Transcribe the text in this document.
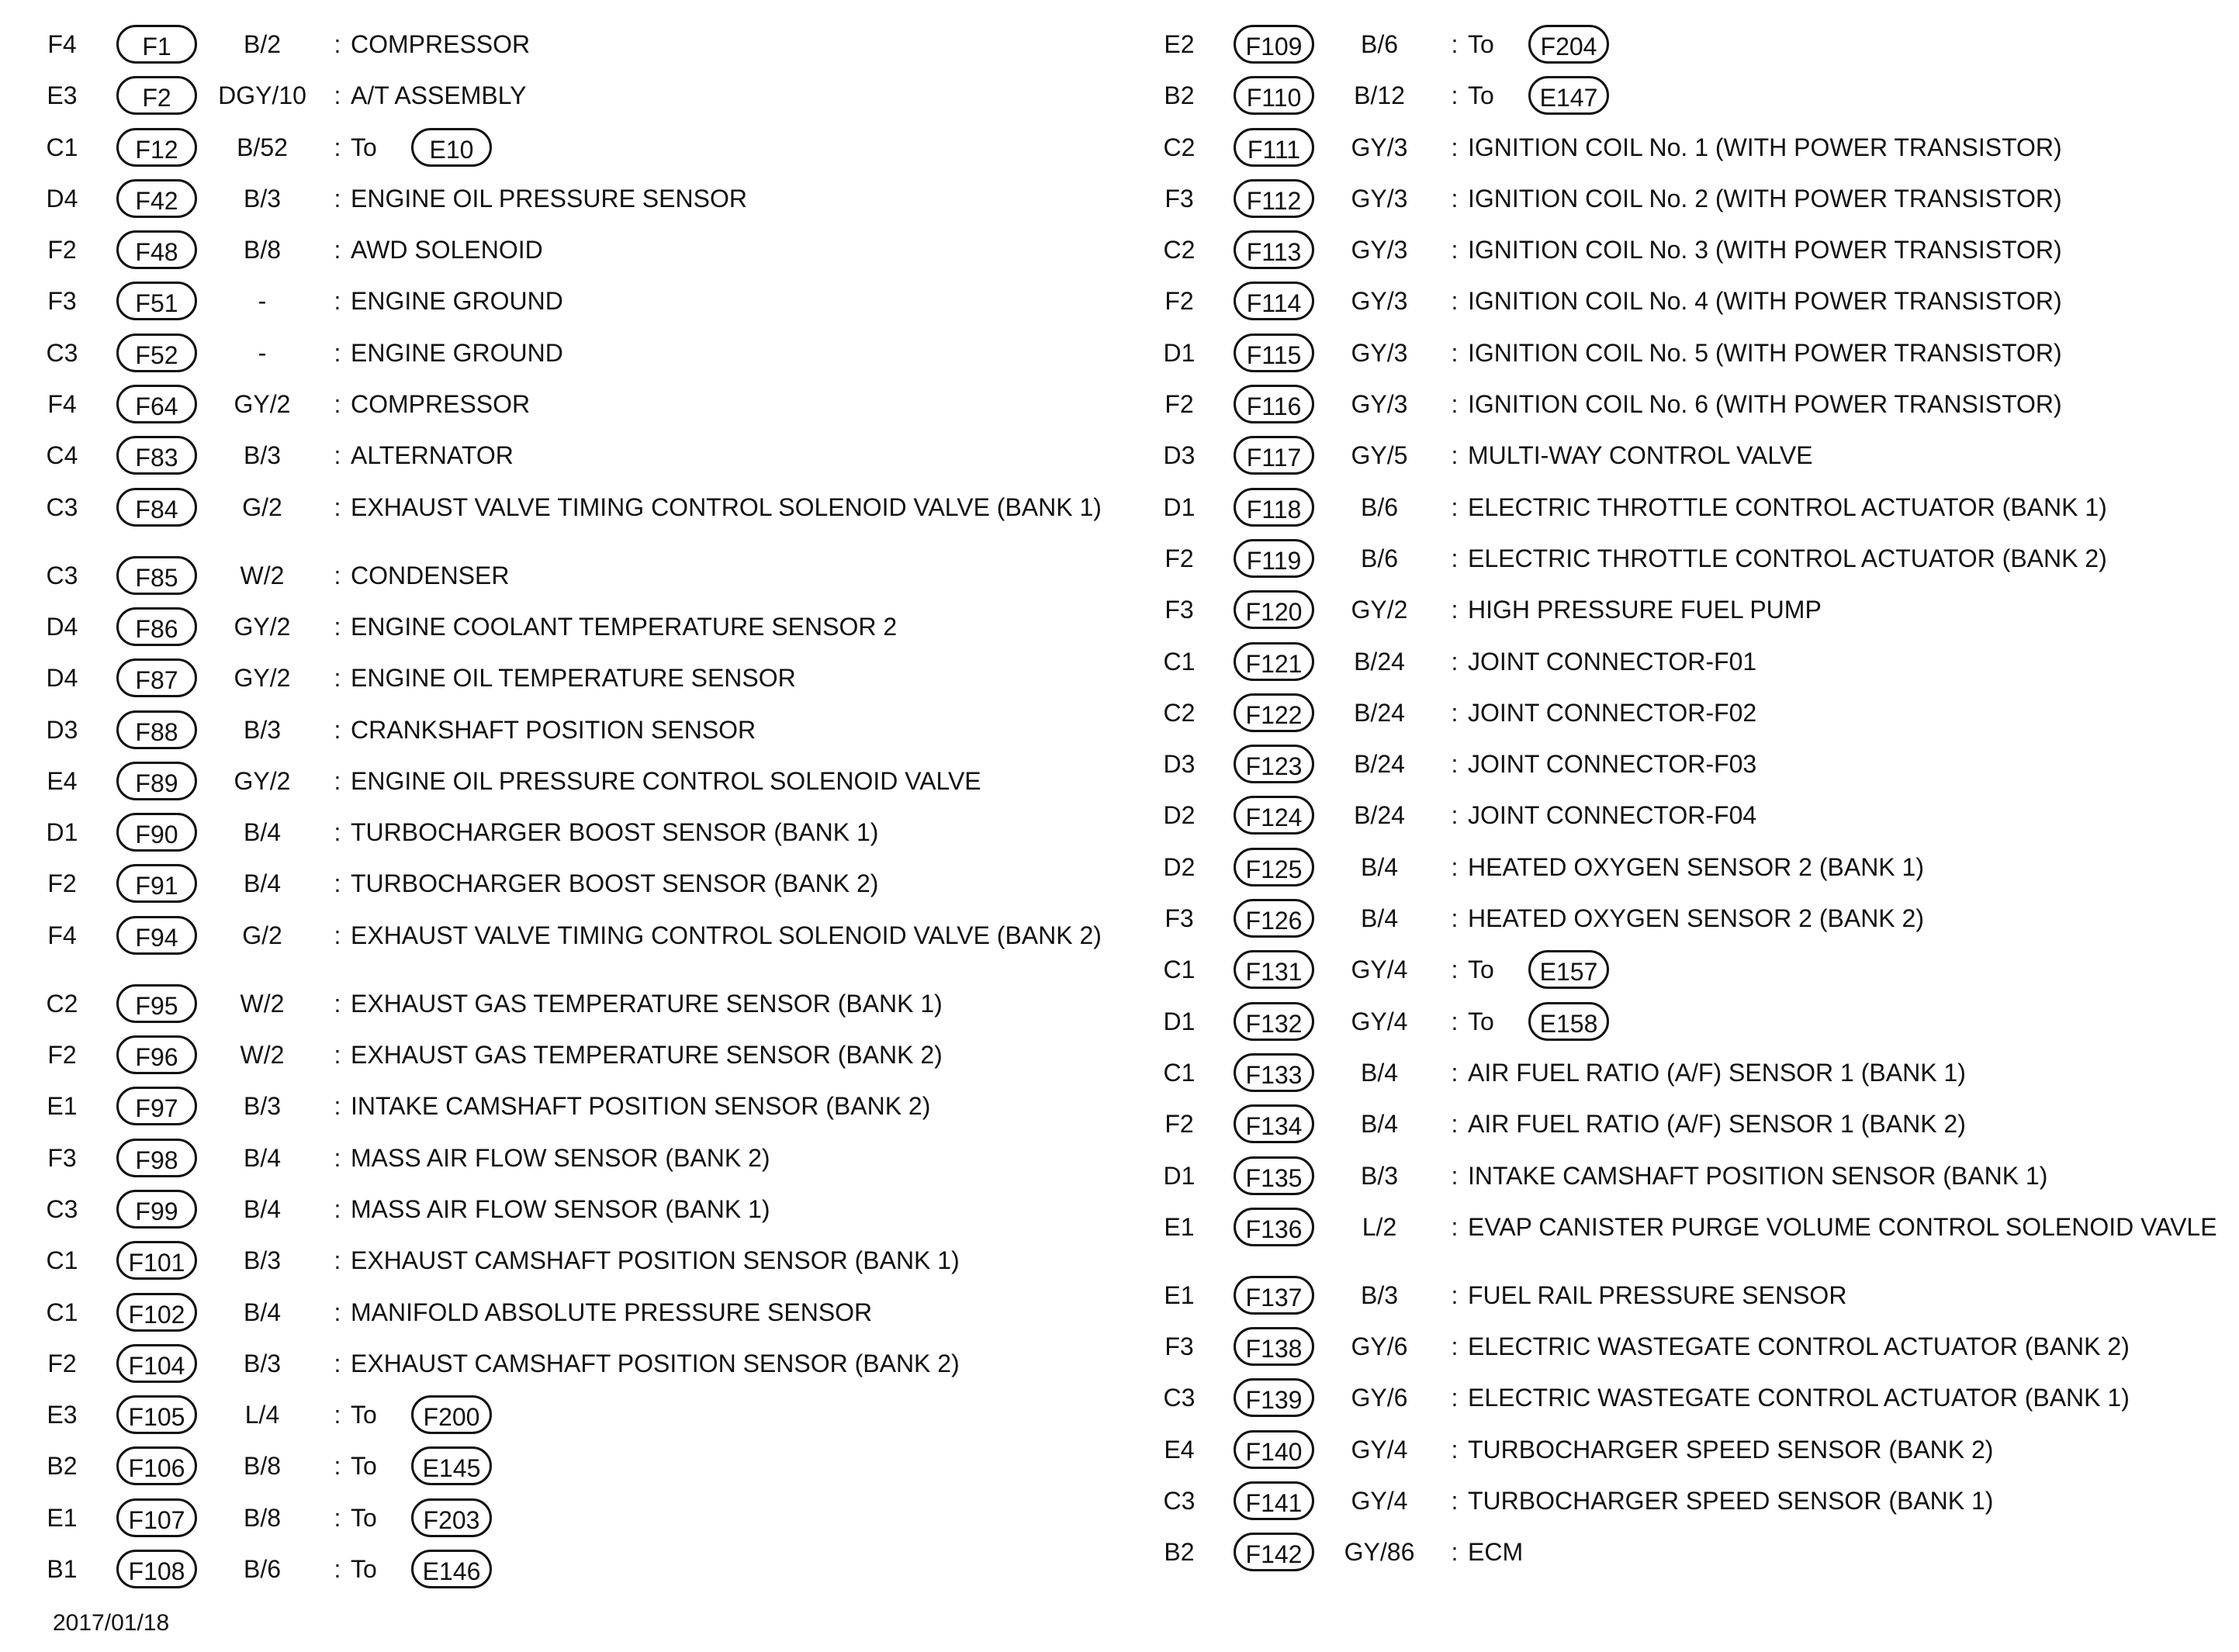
F4	F1	B/2	: COMPRESSOR
E3	F2	DGY/10	: A/T ASSEMBLY
C1	F12	B/52	: To E10
D4	F42	B/3	: ENGINE OIL PRESSURE SENSOR
F2	F48	B/8	: AWD SOLENOID
F3	F51	-	: ENGINE GROUND
C3	F52	-	: ENGINE GROUND
F4	F64	GY/2	: COMPRESSOR
C4	F83	B/3	: ALTERNATOR
C3	F84	G/2	: EXHAUST VALVE TIMING CONTROL SOLENOID VALVE (BANK 1)
C3	F85	W/2	: CONDENSER
D4	F86	GY/2	: ENGINE COOLANT TEMPERATURE SENSOR 2
D4	F87	GY/2	: ENGINE OIL TEMPERATURE SENSOR
D3	F88	B/3	: CRANKSHAFT POSITION SENSOR
E4	F89	GY/2	: ENGINE OIL PRESSURE CONTROL SOLENOID VALVE
D1	F90	B/4	: TURBOCHARGER BOOST SENSOR (BANK 1)
F2	F91	B/4	: TURBOCHARGER BOOST SENSOR (BANK 2)
F4	F94	G/2	: EXHAUST VALVE TIMING CONTROL SOLENOID VALVE (BANK 2)
C2	F95	W/2	: EXHAUST GAS TEMPERATURE SENSOR (BANK 1)
F2	F96	W/2	: EXHAUST GAS TEMPERATURE SENSOR (BANK 2)
E1	F97	B/3	: INTAKE CAMSHAFT POSITION SENSOR (BANK 2)
F3	F98	B/4	: MASS AIR FLOW SENSOR (BANK 2)
C3	F99	B/4	: MASS AIR FLOW SENSOR (BANK 1)
C1	F101	B/3	: EXHAUST CAMSHAFT POSITION SENSOR (BANK 1)
C1	F102	B/4	: MANIFOLD ABSOLUTE PRESSURE SENSOR
F2	F104	B/3	: EXHAUST CAMSHAFT POSITION SENSOR (BANK 2)
E3	F105	L/4	: To F200
B2	F106	B/8	: To E145
E1	F107	B/8	: To F203
B1	F108	B/6	: To E146
E2	F109	B/6	: To F204
B2	F110	B/12	: To E147
C2	F111	GY/3	: IGNITION COIL No. 1 (WITH POWER TRANSISTOR)
F3	F112	GY/3	: IGNITION COIL No. 2 (WITH POWER TRANSISTOR)
C2	F113	GY/3	: IGNITION COIL No. 3 (WITH POWER TRANSISTOR)
F2	F114	GY/3	: IGNITION COIL No. 4 (WITH POWER TRANSISTOR)
D1	F115	GY/3	: IGNITION COIL No. 5 (WITH POWER TRANSISTOR)
F2	F116	GY/3	: IGNITION COIL No. 6 (WITH POWER TRANSISTOR)
D3	F117	GY/5	: MULTI-WAY CONTROL VALVE
D1	F118	B/6	: ELECTRIC THROTTLE CONTROL ACTUATOR (BANK 1)
F2	F119	B/6	: ELECTRIC THROTTLE CONTROL ACTUATOR (BANK 2)
F3	F120	GY/2	: HIGH PRESSURE FUEL PUMP
C1	F121	B/24	: JOINT CONNECTOR-F01
C2	F122	B/24	: JOINT CONNECTOR-F02
D3	F123	B/24	: JOINT CONNECTOR-F03
D2	F124	B/24	: JOINT CONNECTOR-F04
D2	F125	B/4	: HEATED OXYGEN SENSOR 2 (BANK 1)
F3	F126	B/4	: HEATED OXYGEN SENSOR 2 (BANK 2)
C1	F131	GY/4	: To E157
D1	F132	GY/4	: To E158
C1	F133	B/4	: AIR FUEL RATIO (A/F) SENSOR 1 (BANK 1)
F2	F134	B/4	: AIR FUEL RATIO (A/F) SENSOR 1 (BANK 2)
D1	F135	B/3	: INTAKE CAMSHAFT POSITION SENSOR (BANK 1)
E1	F136	L/2	: EVAP CANISTER PURGE VOLUME CONTROL SOLENOID VAVLE
E1	F137	B/3	: FUEL RAIL PRESSURE SENSOR
F3	F138	GY/6	: ELECTRIC WASTEGATE CONTROL ACTUATOR (BANK 2)
C3	F139	GY/6	: ELECTRIC WASTEGATE CONTROL ACTUATOR (BANK 1)
E4	F140	GY/4	: TURBOCHARGER SPEED SENSOR (BANK 2)
C3	F141	GY/4	: TURBOCHARGER SPEED SENSOR (BANK 1)
B2	F142	GY/86	: ECM
2017/01/18
